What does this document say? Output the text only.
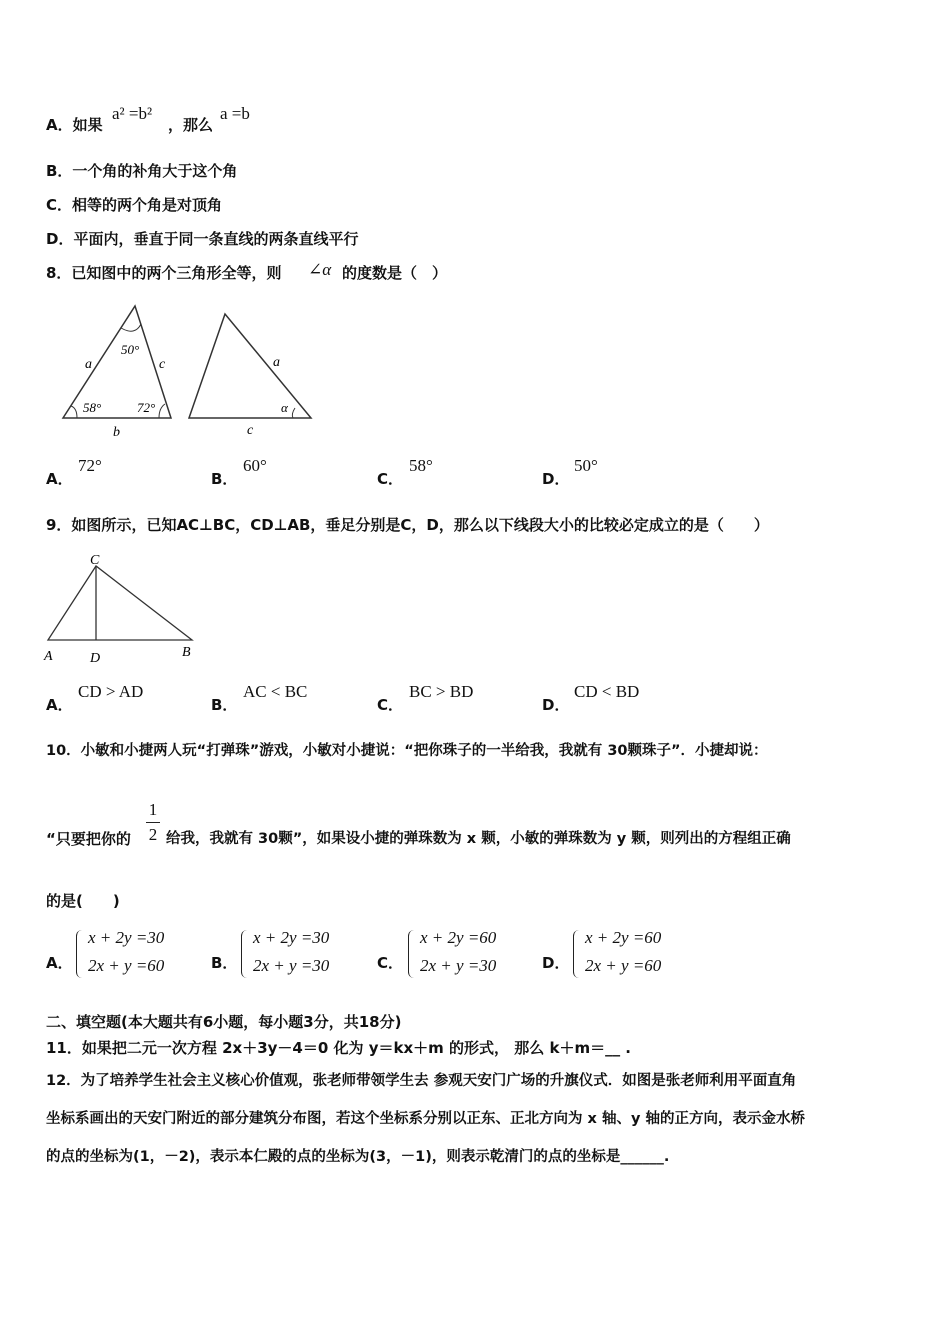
A．如果
a² =b²
，那么
a =b
B．一个角的补角大于这个角
C．相等的两个角是对顶角
D．平面内，垂直于同一条直线的两条直线平行
8．已知图中的两个三角形全等，则 ∠α 的度数是（　）
50°
58°	72°
a	c
b
a
c
α
A．
72°
B．
60°
C．
58°
D．
50°
9．如图所示，已知AC⊥BC，CD⊥AB，垂足分别是C，D，那么以下线段大小的比较必定成立的是（　　）
C
A	D	B
A．
CD > AD
B．
AC < BC
C．
BC > BD
D．
CD < BD
10．小敏和小捷两人玩“打弹珠”游戏，小敏对小捷说：“把你珠子的一半给我，我就有 30颗珠子”．小捷却说：
“只要把你的
1
2 给我，我就有 30颗”，如果设小捷的弹珠数为 x 颗，小敏的弹珠数为 y 颗，则列出的方程组正确
的是(　　)
A．
x + 2y =30
2x + y =60	B．
x + 2y =30
2x + y =30	C．
x + 2y =60
2x + y =30	D．
x + 2y =60
2x + y =60
二、填空题(本大题共有6小题，每小题3分，共18分)
11．如果把二元一次方程 2x＋3y－4＝0 化为 y＝kx＋m 的形式， 那么 k＋m＝__ .
12．为了培养学生社会主义核心价值观，张老师带领学生去 参观天安门广场的升旗仪式．如图是张老师利用平面直角
坐标系画出的天安门附近的部分建筑分布图，若这个坐标系分别以正东、正北方向为 x 轴、y 轴的正方向，表示金水桥
的点的坐标为(1，－2)，表示本仁殿的点的坐标为(3，－1)，则表示乾清门的点的坐标是______.
